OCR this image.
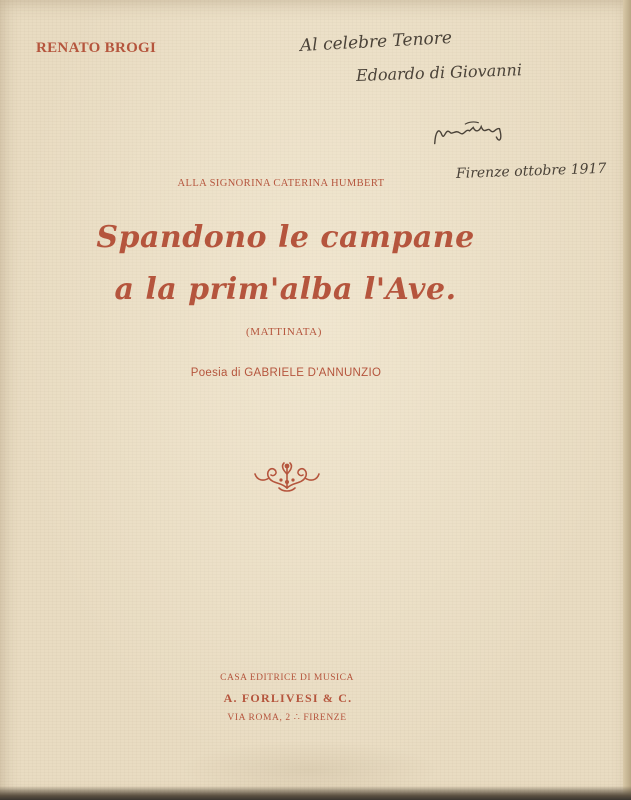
RENATO BROGI	Al celebre Tenore
Edoardo di Giovanni
Firenze ottobre 1917
ALLA SIGNORINA CATERINA HUMBERT
Spandono le campane
a la prim'alba l'Ave.
(MATTINATA)
Poesia di GABRIELE D'ANNUNZIO
CASA EDITRICE DI MUSICA
A. FORLIVESI & C.
VIA ROMA, 2 ∴ FIRENZE
